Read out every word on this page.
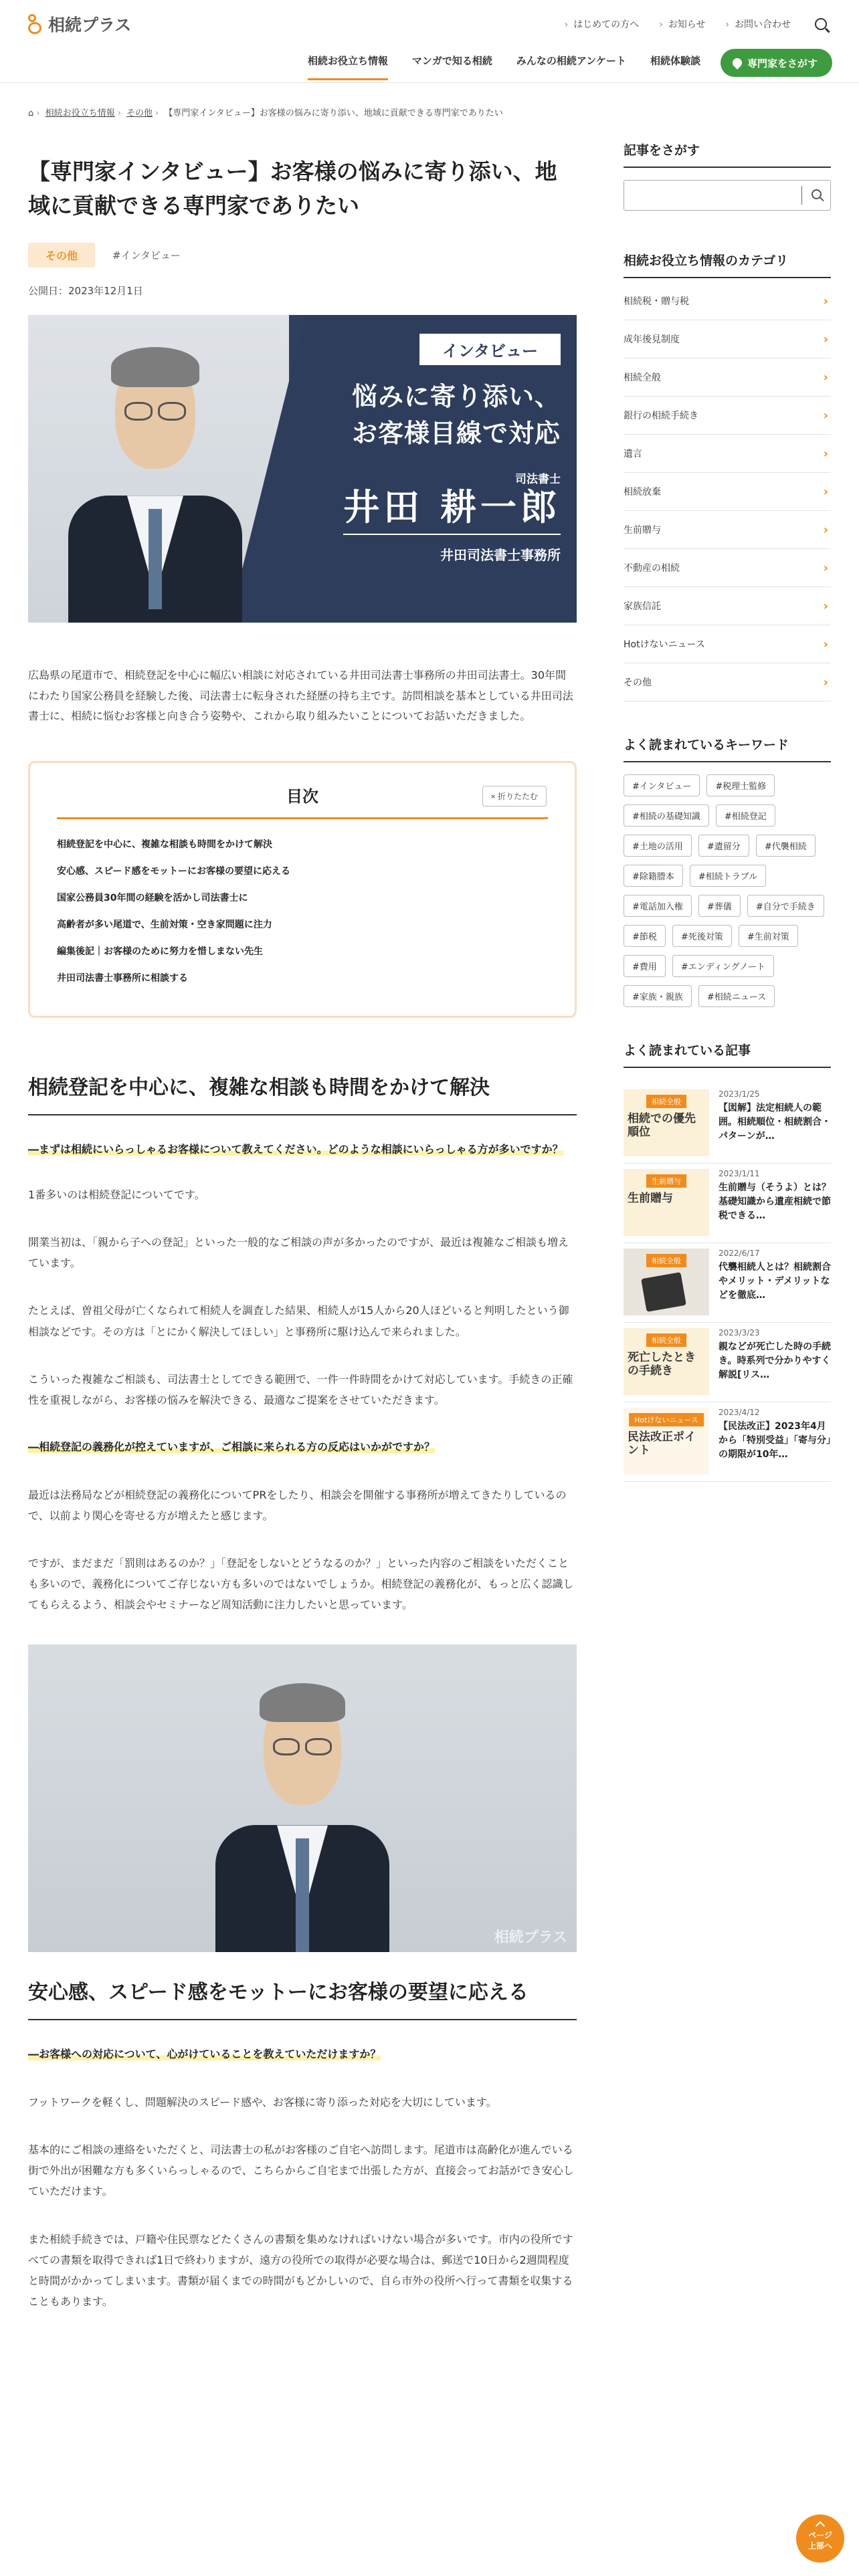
相続プラス	› はじめての方へ › お知らせ › お問い合わせ
相続お役立ち情報	マンガで知る相続	みんなの相続アンケート	相続体験談	専門家をさがす
⌂ › 相続お役立ち情報 › その他 › 【専門家インタビュー】お客様の悩みに寄り添い、地域に貢献できる専門家でありたい
【専門家インタビュー】お客様の悩みに寄り添い、地域に貢献できる専門家でありたい
その他	#インタビュー
公開日：2023年12月1日
インタビュー
悩みに寄り添い、
お客様目線で対応
司法書士
井田 耕一郎
井田司法書士事務所

広島県の尾道市で、相続登記を中心に幅広い相談に対応されている井田司法書士事務所の井田司法書士。30年間にわたり国家公務員を経験した後、司法書士に転身された経歴の持ち主です。訪問相談を基本としている井田司法書士に、相続に悩むお客様と向き合う姿勢や、これから取り組みたいことについてお話いただきました。

目次	× 折りたたむ
相続登記を中心に、複雑な相談も時間をかけて解決
安心感、スピード感をモットーにお客様の要望に応える
国家公務員30年間の経験を活かし司法書士に
高齢者が多い尾道で、生前対策・空き家問題に注力
編集後記｜お客様のために努力を惜しまない先生
井田司法書士事務所に相談する
相続登記を中心に、複雑な相談も時間をかけて解決

―まずは相続にいらっしゃるお客様について教えてください。どのような相談にいらっしゃる方が多いですか？

1番多いのは相続登記についてです。

開業当初は、「親から子への登記」といった一般的なご相談の声が多かったのですが、最近は複雑なご相談も増えています。

たとえば、曽祖父母が亡くなられて相続人を調査した結果、相続人が15人から20人ほどいると判明したという御相談などです。その方は「とにかく解決してほしい」と事務所に駆け込んで来られました。

こういった複雑なご相談も、司法書士としてできる範囲で、一件一件時間をかけて対応しています。手続きの正確性を重視しながら、お客様の悩みを解決できる、最適なご提案をさせていただきます。

―相続登記の義務化が控えていますが、ご相談に来られる方の反応はいかがですか？

最近は法務局などが相続登記の義務化についてPRをしたり、相談会を開催する事務所が増えてきたりしているので、以前より関心を寄せる方が増えたと感じます。

ですが、まだまだ「罰則はあるのか？」「登記をしないとどうなるのか？」といった内容のご相談をいただくことも多いので、義務化についてご存じない方も多いのではないでしょうか。相続登記の義務化が、もっと広く認識してもらえるよう、相談会やセミナーなど周知活動に注力したいと思っています。

相続プラス
安心感、スピード感をモットーにお客様の要望に応える

―お客様への対応について、心がけていることを教えていただけますか？

フットワークを軽くし、問題解決のスピード感や、お客様に寄り添った対応を大切にしています。

基本的にご相談の連絡をいただくと、司法書士の私がお客様のご自宅へ訪問します。尾道市は高齢化が進んでいる街で外出が困難な方も多くいらっしゃるので、こちらからご自宅まで出張した方が、直接会ってお話ができ安心していただけます。

また相続手続きでは、戸籍や住民票などたくさんの書類を集めなければいけない場合が多いです。市内の役所ですべての書類を取得できれば1日で終わりますが、遠方の役所での取得が必要な場合は、郵送で10日から2週間程度と時間がかかってしまいます。書類が届くまでの時間がもどかしいので、自ら市外の役所へ行って書類を収集することもあります。

記事をさがす
相続お役立ち情報のカテゴリ
相続税・贈与税	›
成年後見制度	›
相続全般	›
銀行の相続手続き	›
遺言	›
相続放棄	›
生前贈与	›
不動産の相続	›
家族信託	›
Hotけないニュース	›
その他	›
よく読まれているキーワード
#インタビュー	#税理士監修
#相続の基礎知識	#相続登記
#土地の活用	#遺留分	#代襲相続
#除籍謄本	#相続トラブル
#電話加入権	#葬儀	#自分で手続き
#節税	#死後対策	#生前対策
#費用	#エンディングノート
#家族・親族	#相続ニュース
よく読まれている記事
相続全般
相続での優先順位
2023/1/25
【図解】法定相続人の範囲。相続順位・相続割合・パターンが…
生前贈与
生前贈与
2023/1/11
生前贈与（そうよ）とは？基礎知識から遺産相続で節税できる…
相続全般
2022/6/17
代襲相続人とは？相続割合やメリット・デメリットなどを徹底…
相続全般
死亡したときの手続き
2023/3/23
親などが死亡した時の手続き。時系列で分かりやすく解説[リス…
Hotけないニュース
民法改正ポイント
2023/4/12
【民法改正】2023年4月から「特別受益」「寄与分」の期限が10年…
ページ
上部へ
